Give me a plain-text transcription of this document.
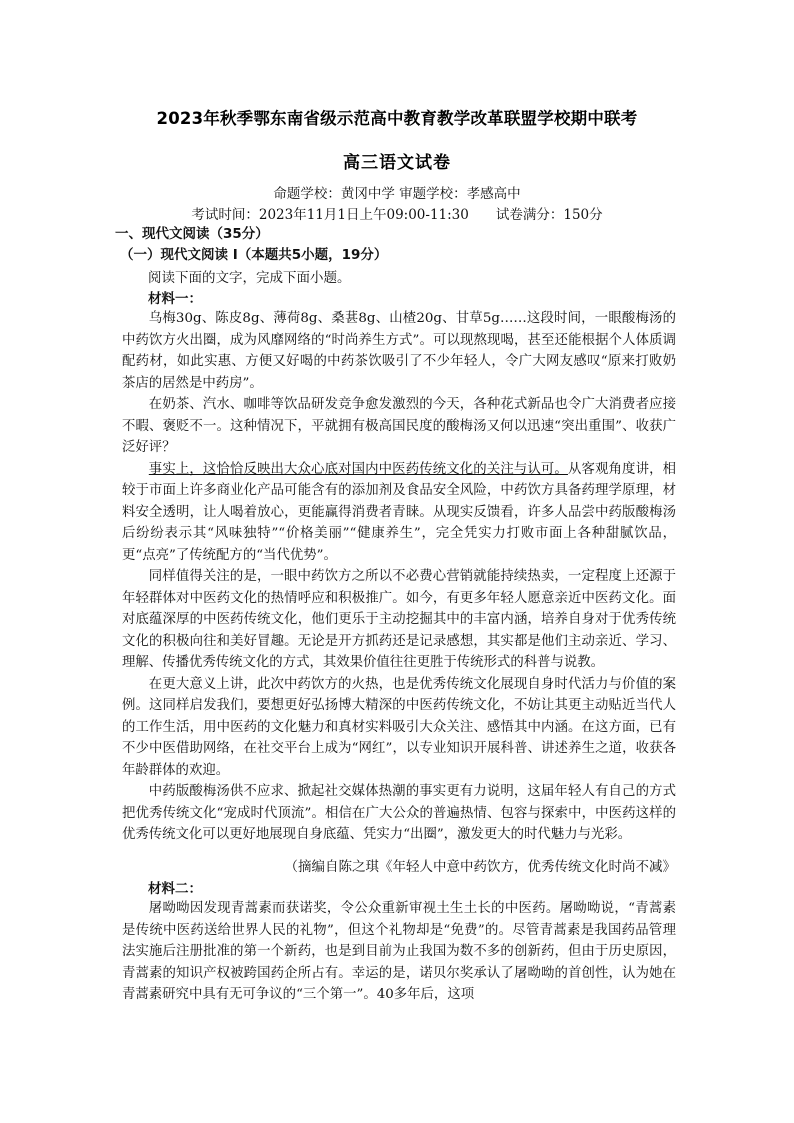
2023年秋季鄂东南省级示范高中教育教学改革联盟学校期中联考
高三语文试卷
命题学校：黄冈中学 审题学校：孝感高中
考试时间：2023年11月1日上午09:00-11:30　　试卷满分：150分
一、现代文阅读（35分）
（一）现代文阅读 I（本题共5小题，19分）
阅读下面的文字，完成下面小题。
材料一：

乌梅30g、陈皮8g、薄荷8g、桑葚8g、山楂20g、甘草5g……这段时间，一眼酸梅汤的中药饮方火出圈，成为风靡网络的“时尚养生方式”。可以现熬现喝，甚至还能根据个人体质调配药材，如此实惠、方便又好喝的中药茶饮吸引了不少年轻人，令广大网友感叹“原来打败奶茶店的居然是中药房”。

在奶茶、汽水、咖啡等饮品研发竞争愈发激烈的今天，各种花式新品也令广大消费者应接不暇、褒贬不一。这种情况下，平就拥有极高国民度的酸梅汤又何以迅速“突出重围”、收获广泛好评？

事实上，这恰恰反映出大众心底对国内中医药传统文化的关注与认可。从客观角度讲，相较于市面上许多商业化产品可能含有的添加剂及食品安全风险，中药饮方具备药理学原理，材料安全透明，让人喝着放心，更能赢得消费者青睐。从现实反馈看，许多人品尝中药版酸梅汤后纷纷表示其“风味独特”“价格美丽”“健康养生”，完全凭实力打败市面上各种甜腻饮品，更“点亮”了传统配方的“当代优势”。

同样值得关注的是，一眼中药饮方之所以不必费心营销就能持续热卖，一定程度上还源于年轻群体对中医药文化的热情呼应和积极推广。如今，有更多年轻人愿意亲近中医药文化。面对底蕴深厚的中医药传统文化，他们更乐于主动挖掘其中的丰富内涵，培养自身对于优秀传统文化的积极向往和美好冒趣。无论是开方抓药还是记录感想，其实都是他们主动亲近、学习、理解、传播优秀传统文化的方式，其效果价值往往更胜于传统形式的科普与说教。

在更大意义上讲，此次中药饮方的火热，也是优秀传统文化展现自身时代活力与价值的案例。这同样启发我们，要想更好弘扬博大精深的中医药传统文化，不妨让其更主动贴近当代人的工作生活，用中医药的文化魅力和真材实料吸引大众关注、感悟其中内涵。在这方面，已有不少中医借助网络，在社交平台上成为“网红”，以专业知识开展科普、讲述养生之道，收获各年龄群体的欢迎。

中药版酸梅汤供不应求、掀起社交媒体热潮的事实更有力说明，这届年轻人有自己的方式把优秀传统文化“宠成时代顶流”。相信在广大公众的普遍热情、包容与探索中，中医药这样的优秀传统文化可以更好地展现自身底蕴、凭实力“出圈”，激发更大的时代魅力与光彩。

（摘编自陈之琪《年轻人中意中药饮方，优秀传统文化时尚不减》
材料二：

屠呦呦因发现青蒿素而获诺奖，令公众重新审视土生土长的中医药。屠呦呦说，“青蒿素是传统中医药送给世界人民的礼物”，但这个礼物却是“免费”的。尽管青蒿素是我国药品管理法实施后注册批准的第一个新药，也是到目前为止我国为数不多的创新药，但由于历史原因，青蒿素的知识产权被跨国药企所占有。幸运的是，诺贝尔奖承认了屠呦呦的首创性，认为她在青蒿素研究中具有无可争议的“三个第一”。40多年后，这项
